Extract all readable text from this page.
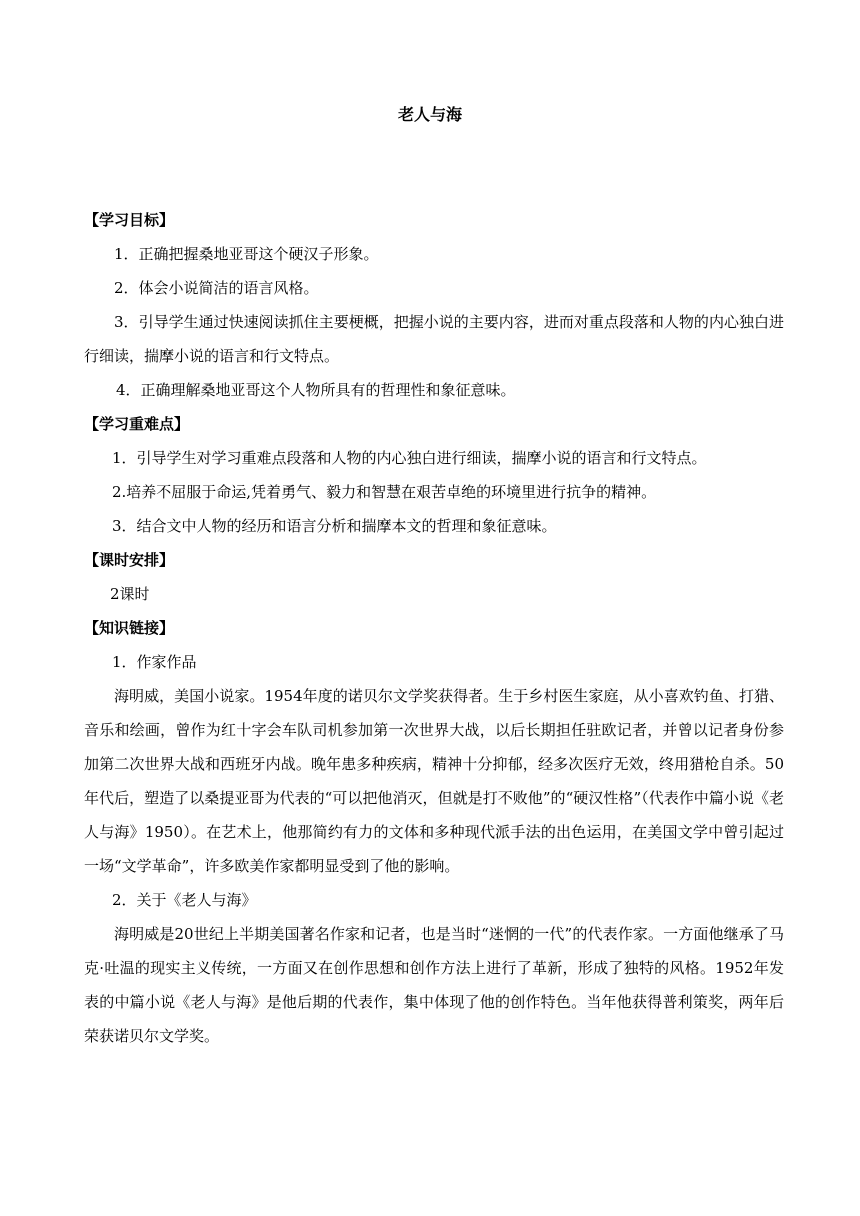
老人与海
【学习目标】
1．正确把握桑地亚哥这个硬汉子形象。
2．体会小说简洁的语言风格。
3．引导学生通过快速阅读抓住主要梗概，把握小说的主要内容，进而对重点段落和人物的内心独白进行细读，揣摩小说的语言和行文特点。
4．正确理解桑地亚哥这个人物所具有的哲理性和象征意味。
【学习重难点】
1．引导学生对学习重难点段落和人物的内心独白进行细读，揣摩小说的语言和行文特点。
2.培养不屈服于命运,凭着勇气、毅力和智慧在艰苦卓绝的环境里进行抗争的精神。
3．结合文中人物的经历和语言分析和揣摩本文的哲理和象征意味。
【课时安排】
2课时
【知识链接】
1．作家作品
海明威，美国小说家。1954年度的诺贝尔文学奖获得者。生于乡村医生家庭，从小喜欢钓鱼、打猎、音乐和绘画，曾作为红十字会车队司机参加第一次世界大战，以后长期担任驻欧记者，并曾以记者身份参加第二次世界大战和西班牙内战。晚年患多种疾病，精神十分抑郁，经多次医疗无效，终用猎枪自杀。50年代后，塑造了以桑提亚哥为代表的“可以把他消灭，但就是打不败他”的“硬汉性格”（代表作中篇小说《老人与海》1950）。在艺术上，他那简约有力的文体和多种现代派手法的出色运用，在美国文学中曾引起过一场“文学革命”，许多欧美作家都明显受到了他的影响。
2．关于《老人与海》
海明威是20世纪上半期美国著名作家和记者，也是当时“迷惘的一代”的代表作家。一方面他继承了马克·吐温的现实主义传统，一方面又在创作思想和创作方法上进行了革新，形成了独特的风格。1952年发表的中篇小说《老人与海》是他后期的代表作，集中体现了他的创作特色。当年他获得普利策奖，两年后荣获诺贝尔文学奖。
